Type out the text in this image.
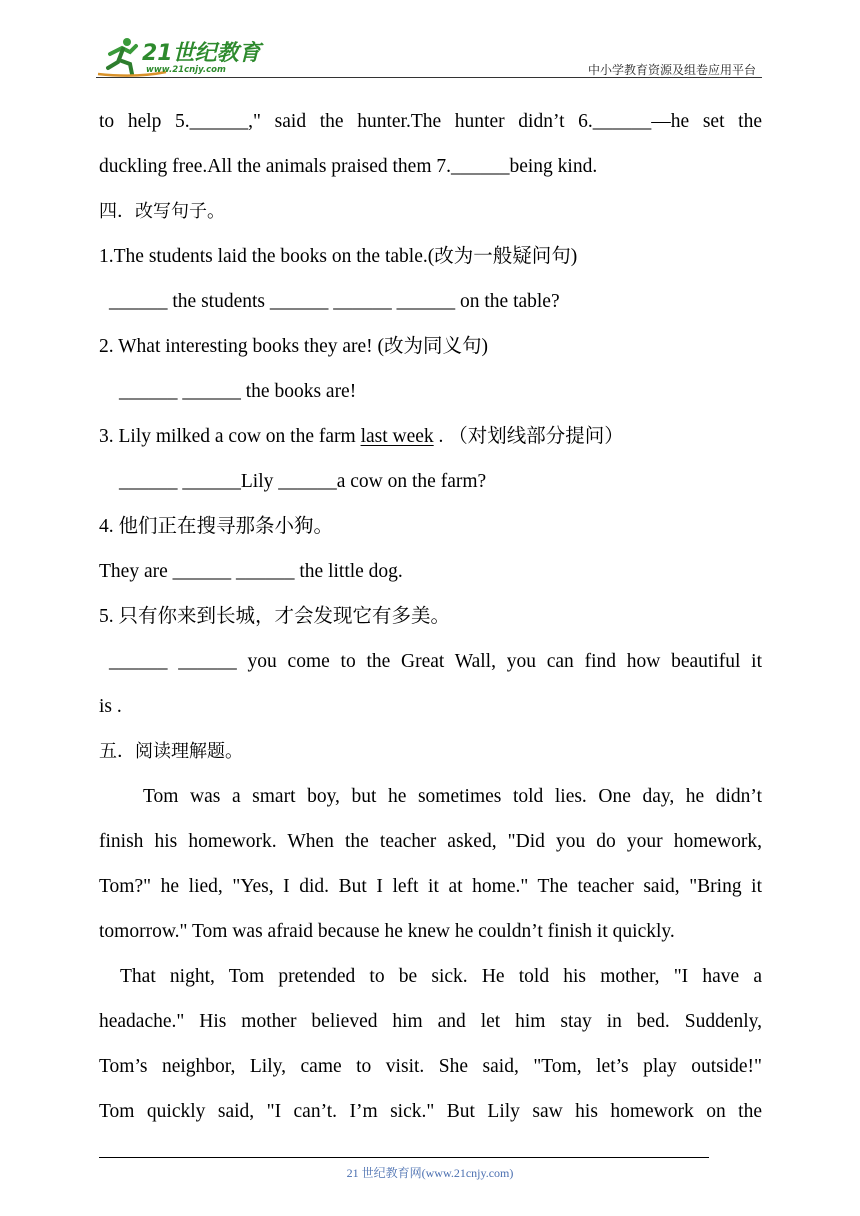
21世纪教育
www.21cnjy.com	中小学教育资源及组卷应用平台
to help 5.______," said the hunter.The hunter didn’t 6.______—he set the
duckling free.All the animals praised them 7.______being kind.
四．改写句子。
1.The students laid the books on the table.(改为一般疑问句)
______ the students ______ ______ ______ on the table?
2. What interesting books they are! (改为同义句)
______ ______ the books are!
3. Lily milked a cow on the farm last week . （对划线部分提问）
______ ______Lily ______a cow on the farm?
4. 他们正在搜寻那条小狗。
They are ______ ______ the little dog.
5. 只有你来到长城，才会发现它有多美。
______ ______ you come to the Great Wall, you can find how beautiful it
is .
五．阅读理解题。
Tom was a smart boy, but he sometimes told lies. One day, he didn’t
finish his homework. When the teacher asked, "Did you do your homework,
Tom?" he lied, "Yes, I did. But I left it at home." The teacher said, "Bring it
tomorrow." Tom was afraid because he knew he couldn’t finish it quickly.
That night, Tom pretended to be sick. He told his mother, "I have a
headache." His mother believed him and let him stay in bed. Suddenly,
Tom’s neighbor, Lily, came to visit. She said, "Tom, let’s play outside!"
Tom quickly said, "I can’t. I’m sick." But Lily saw his homework on the
21 世纪教育网(www.21cnjy.com)
